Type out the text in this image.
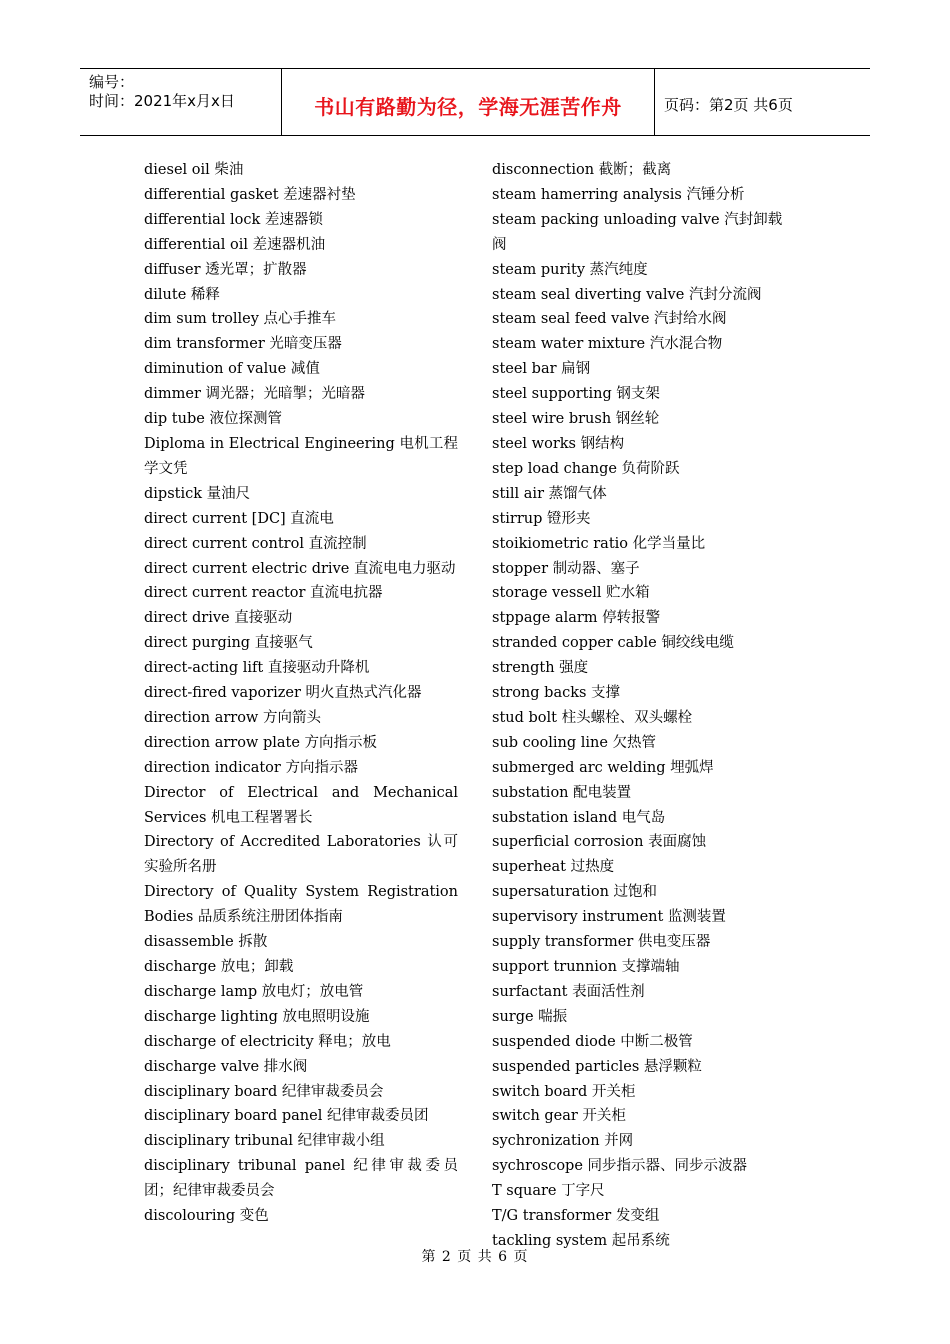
编号：
时间：2021年x月x日	书山有路勤为径，学海无涯苦作舟	页码：第2页 共6页

diesel oil 柴油

differential gasket 差速器衬垫

differential lock 差速器锁

differential oil 差速器机油

diffuser 透光罩；扩散器

dilute 稀释

dim sum trolley 点心手推车

dim transformer 光暗变压器

diminution of value 减值

dimmer 调光器；光暗掣；光暗器

dip tube 液位探测管

Diploma in Electrical Engineering 电机工程学文凭

dipstick 量油尺

direct current [DC] 直流电

direct current control 直流控制

direct current electric drive 直流电电力驱动

direct current reactor 直流电抗器

direct drive 直接驱动

direct purging 直接驱气

direct-acting lift 直接驱动升降机

direct-fired vaporizer 明火直热式汽化器

direction arrow 方向箭头

direction arrow plate 方向指示板

direction indicator 方向指示器

Director of Electrical and Mechanical Services 机电工程署署长

Directory of Accredited Laboratories 认可实验所名册

Directory of Quality System Registration Bodies 品质系统注册团体指南

disassemble 拆散

discharge 放电；卸载

discharge lamp 放电灯；放电管

discharge lighting 放电照明设施

discharge of electricity 释电；放电

discharge valve 排水阀

disciplinary board 纪律审裁委员会

disciplinary board panel 纪律审裁委员团

disciplinary tribunal 纪律审裁小组

disciplinary tribunal panel 纪律审裁委员团；纪律审裁委员会

discolouring 变色

disconnection 截断；截离

steam hamerring analysis 汽锤分析

steam packing unloading valve 汽封卸载阀

steam purity 蒸汽纯度

steam seal diverting valve 汽封分流阀

steam seal feed valve 汽封给水阀

steam water mixture 汽水混合物

steel bar 扁钢

steel supporting 钢支架

steel wire brush 钢丝轮

steel works 钢结构

step load change 负荷阶跃

still air 蒸馏气体

stirrup 镫形夹

stoikiometric ratio 化学当量比

stopper 制动器、塞子

storage vessell 贮水箱

stppage alarm 停转报警

stranded copper cable 铜绞线电缆

strength 强度

strong backs 支撑

stud bolt 柱头螺栓、双头螺栓

sub cooling line 欠热管

submerged arc welding 埋弧焊

substation 配电装置

substation island 电气岛

superficial corrosion 表面腐蚀

superheat 过热度

supersaturation 过饱和

supervisory instrument 监测装置

supply transformer 供电变压器

support trunnion 支撑端轴

surfactant 表面活性剂

surge 喘振

suspended diode 中断二极管

suspended particles 悬浮颗粒

switch board 开关柜

switch gear 开关柜

sychronization 并网

sychroscope 同步指示器、同步示波器

T square 丁字尺

T/G transformer 发变组

tackling system 起吊系统

第 2 页 共 6 页
